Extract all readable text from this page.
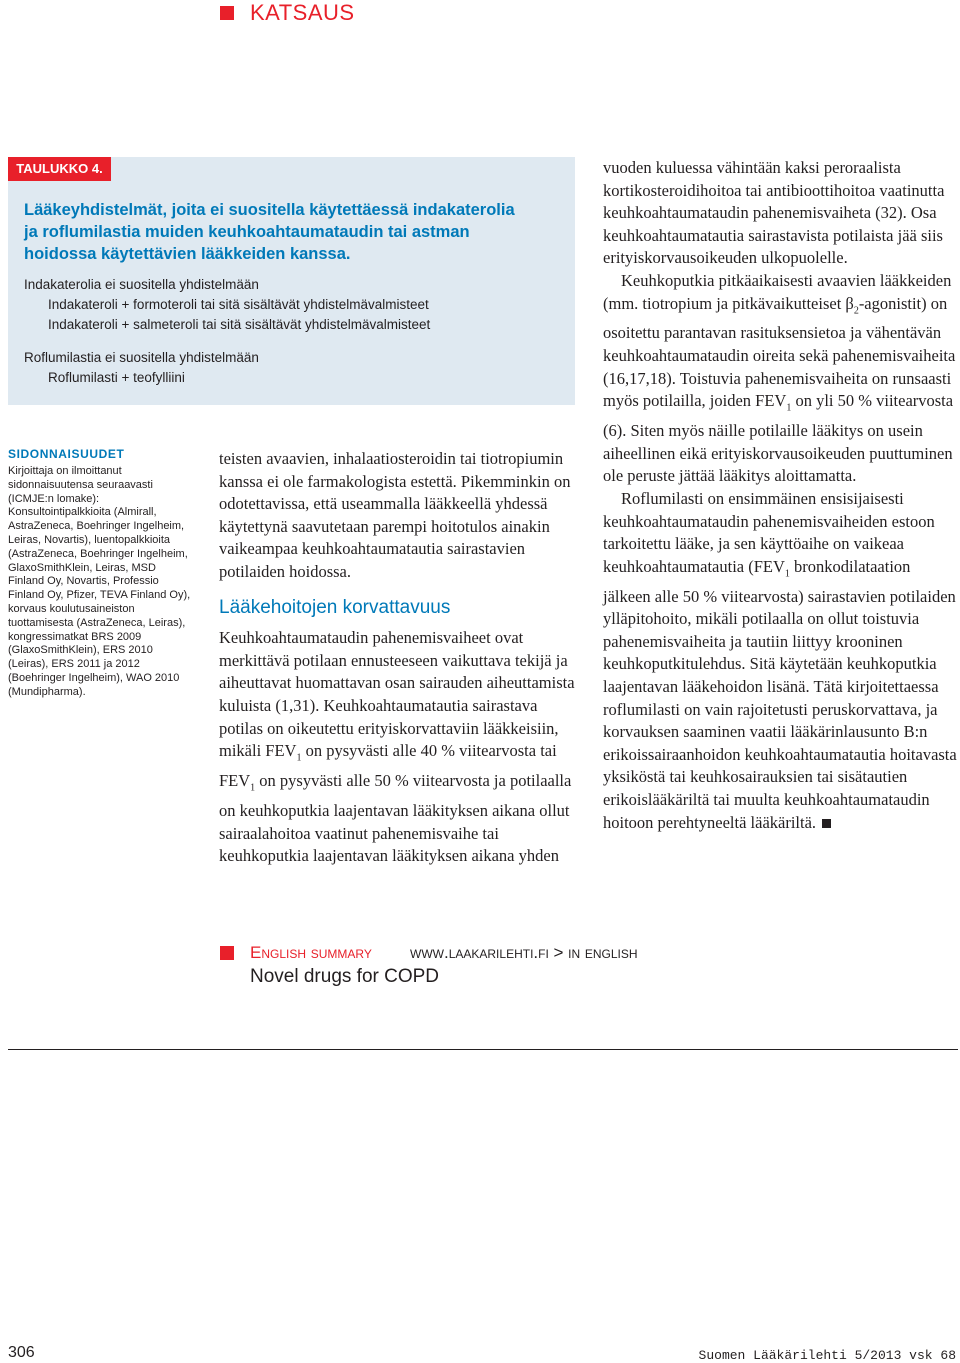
KATSAUS
TAULUKKO 4.
Lääkeyhdistelmät, joita ei suositella käytettäessä indakaterolia ja roflumilastia muiden keuhkoahtaumataudin tai astman hoidossa käytettävien lääkkeiden kanssa.
Indakaterolia ei suositella yhdistelmään
Indakateroli + formoteroli tai sitä sisältävät yhdistelmävalmisteet
Indakateroli + salmeteroli tai sitä sisältävät yhdistelmävalmisteet
Roflumilastia ei suositella yhdistelmään
Roflumilasti + teofylliini
SIDONNAISUUDET
Kirjoittaja on ilmoittanut sidonnaisuutensa seuraavasti (ICMJE:n lomake): Konsultointipalkkioita (Almirall, AstraZeneca, Boehringer Ingelheim, Leiras, Novartis), luentopalkkioita (AstraZeneca, Boehringer Ingelheim, GlaxoSmithKlein, Leiras, MSD Finland Oy, Novartis, Professio Finland Oy, Pfizer, TEVA Finland Oy), korvaus koulutusaineiston tuottamisesta (AstraZeneca, Leiras), kongressimatkat BRS 2009 (GlaxoSmithKlein), ERS 2010 (Leiras), ERS 2011 ja 2012 (Boehringer Ingelheim), WAO 2010 (Mundipharma).

teisten avaavien, inhalaatiosteroidin tai tiotropiumin kanssa ei ole farmakologista estettä. Pikemminkin on odotettavissa, että useammalla lääkkeellä yhdessä käytettynä saavutetaan parempi hoitotulos ainakin vaikeampaa keuhkoahtaumatautia sairastavien potilaiden hoidossa.

Lääkehoitojen korvattavuus

Keuhkoahtaumataudin pahenemisvaiheet ovat merkittävä potilaan ennusteeseen vaikuttava tekijä ja aiheuttavat huomattavan osan sairauden aiheuttamista kuluista (1,31). Keuhkoahtaumatautia sairastava potilas on oikeutettu erityiskorvattaviin lääkkeisiin, mikäli $FEV_1$ on pysyvästi alle 40 % viitearvosta tai $FEV_1$ on pysyvästi alle 50 % viitearvosta ja potilaalla on keuhkoputkia laajentavan lääkityksen aikana ollut sairaalahoitoa vaatinut pahenemisvaihe tai keuhkoputkia laajentavan lääkityksen aikana yhden

vuoden kuluessa vähintään kaksi peroraalista kortikosteroidihoitoa tai antibioottihoitoa vaatinutta keuhkoahtaumataudin pahenemisvaiheta (32). Osa keuhkoahtaumatautia sairastavista potilaista jää siis erityiskorvausoikeuden ulkopuolelle.

Keuhkoputkia pitkäaikaisesti avaavien lääkkeiden (mm. tiotropium ja pitkävaikutteiset $\beta_2-agonistit$) on osoitettu parantavan rasituksensietoa ja vähentävän keuhkoahtaumataudin oireita sekä pahenemisvaiheita (16,17,18). Toistuvia pahenemisvaiheita on runsaasti myös potilailla, joiden $FEV_1$ on yli 50 % viitearvosta (6). Siten myös näille potilaille lääkitys on usein aiheellinen eikä erityiskorvausoikeuden puuttuminen ole peruste jättää lääkitys aloittamatta.

Roflumilasti on ensimmäinen ensisijaisesti keuhkoahtaumataudin pahenemisvaiheiden estoon tarkoitettu lääke, ja sen käyttöaihe on vaikeaa keuhkoahtaumatautia ($FEV_1$ bronkodilataation jälkeen alle 50 % viitearvosta) sairastavien potilaiden ylläpitohoito, mikäli potilaalla on ollut toistuvia pahenemisvaiheita ja tautiin liittyy krooninen keuhkoputkitulehdus. Sitä käytetään keuhkoputkia laajentavan lääkehoidon lisänä. Tätä kirjoitettaessa roflumilasti on vain rajoitetusti peruskorvattava, ja korvauksen saaminen vaatii lääkärinlausunto B:n erikoissairaanhoidon keuhkoahtaumatautia hoitavasta yksiköstä tai keuhkosairauksien tai sisätautien erikoislääkäriltä tai muulta keuhkoahtaumataudin hoitoon perehtyneeltä lääkäriltä.

English summary www.laakarilehti.fi > in english
Novel drugs for COPD
306	Suomen Lääkärilehti 5/2013 vsk 68
